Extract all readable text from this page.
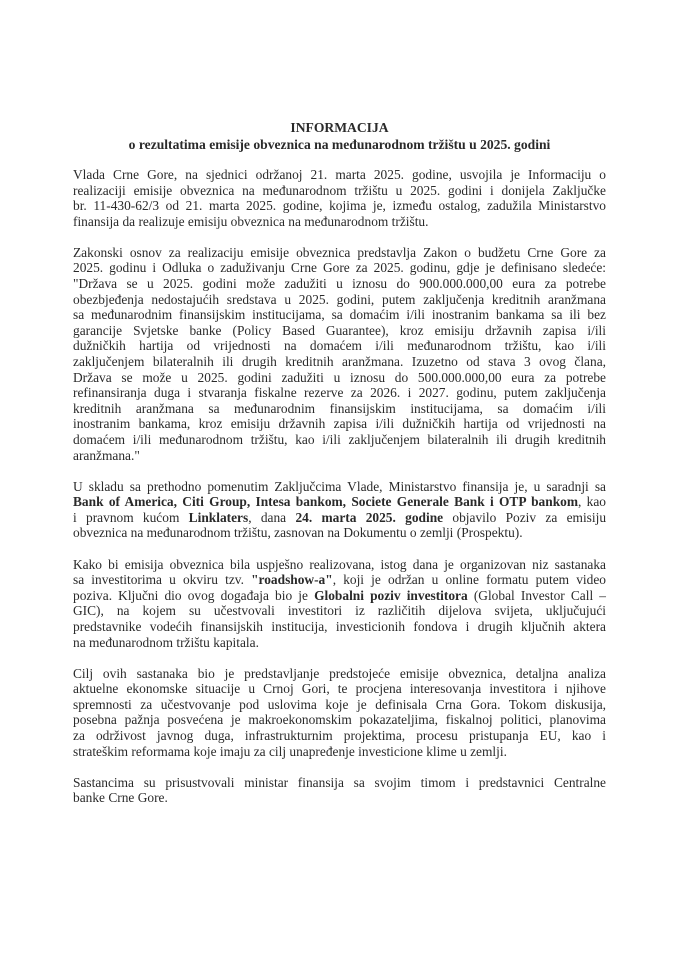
INFORMACIJA
o rezultatima emisije obveznica na međunarodnom tržištu u 2025. godini
Vlada Crne Gore, na sjednici održanoj 21. marta 2025. godine, usvojila je Informaciju o
realizaciji emisije obveznica na međunarodnom tržištu u 2025. godini i donijela Zaključke
br. 11-430-62/3 od 21. marta 2025. godine, kojima je, između ostalog, zadužila Ministarstvo
finansija da realizuje emisiju obveznica na međunarodnom tržištu.
Zakonski osnov za realizaciju emisije obveznica predstavlja Zakon o budžetu Crne Gore za
2025. godinu i Odluka o zaduživanju Crne Gore za 2025. godinu, gdje je definisano sledeće:
"Država se u 2025. godini može zadužiti u iznosu do 900.000.000,00 eura za potrebe
obezbjeđenja nedostajućih sredstava u 2025. godini, putem zaključenja kreditnih aranžmana
sa međunarodnim finansijskim institucijama, sa domaćim i/ili inostranim bankama sa ili bez
garancije Svjetske banke (Policy Based Guarantee), kroz emisiju državnih zapisa i/ili
dužničkih hartija od vrijednosti na domaćem i/ili međunarodnom tržištu, kao i/ili
zaključenjem bilateralnih ili drugih kreditnih aranžmana. Izuzetno od stava 3 ovog člana,
Država se može u 2025. godini zadužiti u iznosu do 500.000.000,00 eura za potrebe
refinansiranja duga i stvaranja fiskalne rezerve za 2026. i 2027. godinu, putem zaključenja
kreditnih aranžmana sa međunarodnim finansijskim institucijama, sa domaćim i/ili
inostranim bankama, kroz emisiju državnih zapisa i/ili dužničkih hartija od vrijednosti na
domaćem i/ili međunarodnom tržištu, kao i/ili zaključenjem bilateralnih ili drugih kreditnih
aranžmana."
U skladu sa prethodno pomenutim Zaključcima Vlade, Ministarstvo finansija je, u saradnji sa
Bank of America, Citi Group, Intesa bankom, Societe Generale Bank i OTP bankom, kao
i pravnom kućom Linklaters, dana 24. marta 2025. godine objavilo Poziv za emisiju
obveznica na međunarodnom tržištu, zasnovan na Dokumentu o zemlji (Prospektu).
Kako bi emisija obveznica bila uspješno realizovana, istog dana je organizovan niz sastanaka
sa investitorima u okviru tzv. "roadshow-a", koji je održan u online formatu putem video
poziva. Ključni dio ovog događaja bio je Globalni poziv investitora (Global Investor Call –
GIC), na kojem su učestvovali investitori iz različitih dijelova svijeta, uključujući
predstavnike vodećih finansijskih institucija, investicionih fondova i drugih ključnih aktera
na međunarodnom tržištu kapitala.
Cilj ovih sastanaka bio je predstavljanje predstojeće emisije obveznica, detaljna analiza
aktuelne ekonomske situacije u Crnoj Gori, te procjena interesovanja investitora i njihove
spremnosti za učestvovanje pod uslovima koje je definisala Crna Gora. Tokom diskusija,
posebna pažnja posvećena je makroekonomskim pokazateljima, fiskalnoj politici, planovima
za održivost javnog duga, infrastrukturnim projektima, procesu pristupanja EU, kao i
strateškim reformama koje imaju za cilj unapređenje investicione klime u zemlji.
Sastancima su prisustvovali ministar finansija sa svojim timom i predstavnici Centralne
banke Crne Gore.
